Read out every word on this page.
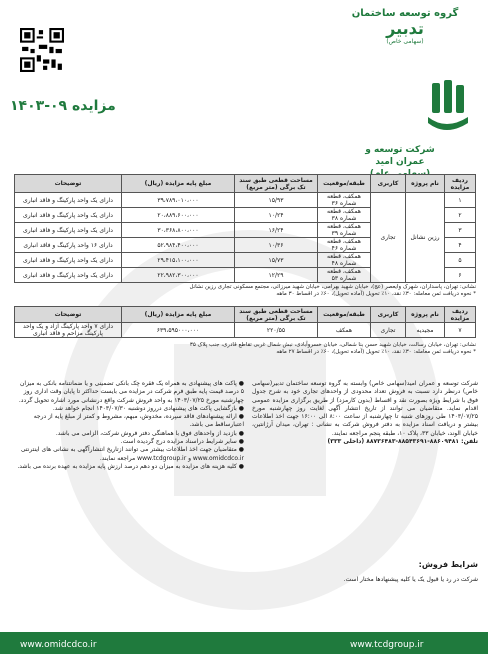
گروه توسعه ساختمان
تدبیر
(سهامی خاص)
مزایده ۰۹-۱۴۰۳
شرکت توسعه و عمران امید
ردیف مزایده	نام پروژه	کاربری	طبقه/موقعیت	مساحت قطعی طبق سند تک برگی (متر مربع)	مبلغ پایه مزایده (ریال)	توضیحات
۱	رزین نشانل	تجاری	همکف، قطعه شماره ۳۶	۱۵/۹۳	۳۹،۷۸۹،۰۱۰،۰۰۰	دارای یک واحد پارکینگ و فاقد انباری
۲			همکف، قطعه شماره ۳۸	۱۰/۲۴	۲۰،۸۸۹،۶۰۰،۰۰۰	دارای یک واحد پارکینگ و فاقد انباری
۳			همکف، قطعه شماره ۳۹	۱۶/۲۴	۳۰،۳۶۸،۸۰۰،۰۰۰	دارای یک واحد پارکینگ و فاقد انباری
۴			همکف، قطعه شماره ۴۶	۱۰/۳۶	۵۲،۹۸۴،۴۰۰،۰۰۰	دارای ۱۶ واحد پارکینگ و فاقد انباری
۵			همکف، قطعه شماره ۴۸	۱۵/۷۳	۲۹،۴۱۵،۱۰۰،۰۰۰	دارای یک واحد پارکینگ و فاقد انباری
۶			همکف، قطعه شماره ۵۳	۱۲/۲۹	۲۲،۹۸۲،۳۰۰،۰۰۰	دارای یک واحد پارکینگ و فاقد انباری
نشانی: تهران، پاسداران، شهرک وایعصر (عج)، خیابان شهید بهرامی، خیابان شهید میرزائی، مجتمع مسکونی تجاری رزین نشانل
* نحوه دریافت ثمن معامله: ۳۰٪ نقد، ۱۰٪ تحویل (آماده تحویل)، ۶۰٪ در اقساط ۳۰ ماهه
ردیف مزایده	نام پروژه	کاربری	طبقه/موقعیت	مساحت قطعی طبق سند تک برگی (متر مربع)	مبلغ پایه مزایده (ریال)	توضیحات
۷	مجیدیه	تجاری	همکف	۲۲۰/۵۵	۶۳۹،۵۹۵۰۰۰،۰۰۰	دارای ۷ واحد پارکینگ آزاد و یک واحد پارکینگ مزاحم و فاقد انباری
نشانی: تهران، خیابان رسالت، خیابان شهید حسن بنا شمالی، خیابان خسروآبادی، نبش شمال غربی تقاطع قادری، جنب پلاک ۳۵
* نحوه دریافت ثمن معامله: ۳۰٪ نقد، ۱۰٪ تحویل (آماده تحویل)، ۶۰٪ در اقساط ۲۷ ماهه
شرکت توسعه و عمران امید(سهامی خاص) وابسته به گروه توسعه ساختمان تدبیر(سهامی خاص) درنظر دارد نسبت به فروش تعداد محدودی از واحدهای تجاری خود به شرح جدول فوق با شرایط ویژه بصورت نقد و اقساط (بدون کارمزد) از طریق برگزاری مزایده عمومی اقدام نماید. متقاضیان می توانند از تاریخ انتشار آگهی لغایت روز چهارشنبه مورخ ۱۴۰۳/۰۷/۲۵ طی روزهای شنبه تا چهارشنبه از ساعت ۸:۰۰ الی ۱۶:۰۰ جهت اخذ اطلاعات بیشتر و دریافت اسناد مزایده به دفتر فروش شرکت به نشانی : تهران، میدان آرژانتین، خیابان الوند، خیابان ۳۳، پلاک ۱۰، طبقه پنجم مراجعه نمایند.
تلفن: ۸۸۶۰۹۴۸۱-۸۸۵۴۳۶۹۱-۸۸۷۳۶۴۸۳ (داخلی ۳۳۳)
● پاکت های پیشنهادی به همراه یک فقره چک بانکی تضمینی و یا ضمانتنامه بانکی به میزان ۵ درصد قیمت پایه طبق فرم شرکت در مزایده می بایست حداکثر تا پایان وقت اداری روز چهارشنبه مورخ ۱۴۰۳/۰۷/۲۵ به واحد فروش شرکت واقع درنشانی مورد اشاره تحویل گردد.
● بازگشایی پاکت های پیشنهادی درروز دوشنبه ۱۴۰۳/۰۷/۳۰ انجام خواهد شد.
● ارائه پیشنهادهای فاقد سپرده، مخدوش، مبهم، مشروط و کمتر از مبلغ پایه از درجه اعتبارساقط می باشد.
● بازدید از واحدهای فوق با هماهنگی دفتر فروش شرکت، الزامی می باشد.
● سایر شرایط دراسناد مزایده درج گردیده است.
● متقاضیان جهت اخذ اطلاعات بیشتر می توانند ازتاریخ انتشارآگهی به نشانی های اینترنتی www.omidcdco.ir و www.tcdgroup.ir مراجعه نمایند.
● کلیه هزینه های مزایده به میزان دو دهم درصد ارزش پایه مزایده به عهده برنده می باشد.
شرایط فروش:
شرکت در رد یا قبول یک یا کلیه پیشنهادها مختار است.
www.omidcdco.ir	www.tcdgroup.ir
